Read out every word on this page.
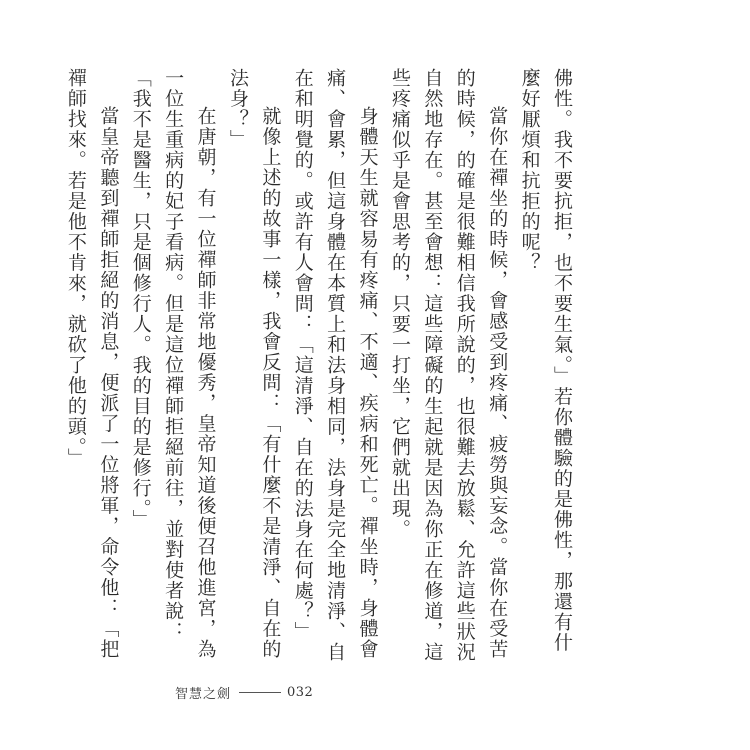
佛性。我不要抗拒，也不要生氣。」若你體驗的是佛性，那還有什麼好厭煩和抗拒的呢？

當你在禪坐的時候，會感受到疼痛、疲勞與妄念。當你在受苦的時候，的確是很難相信我所說的，也很難去放鬆、允許這些狀況自然地存在。甚至會想：這些障礙的生起就是因為你正在修道，這些疼痛似乎是會思考的，只要一打坐，它們就出現。

身體天生就容易有疼痛、不適、疾病和死亡。禪坐時，身體會痛、會累，但這身體在本質上和法身相同，法身是完全地清淨、自在和明覺的。或許有人會問：「這清淨、自在的法身在何處？」

就像上述的故事一樣，我會反問：「有什麼不是清淨、自在的法身？」

在唐朝，有一位禪師非常地優秀，皇帝知道後便召他進宮，為一位生重病的妃子看病。但是這位禪師拒絕前往，並對使者說：「我不是醫生，只是個修行人。我的目的是修行。」

當皇帝聽到禪師拒絕的消息，便派了一位將軍，命令他：「把禪師找來。若是他不肯來，就砍了他的頭。」

智慧之劍	032
